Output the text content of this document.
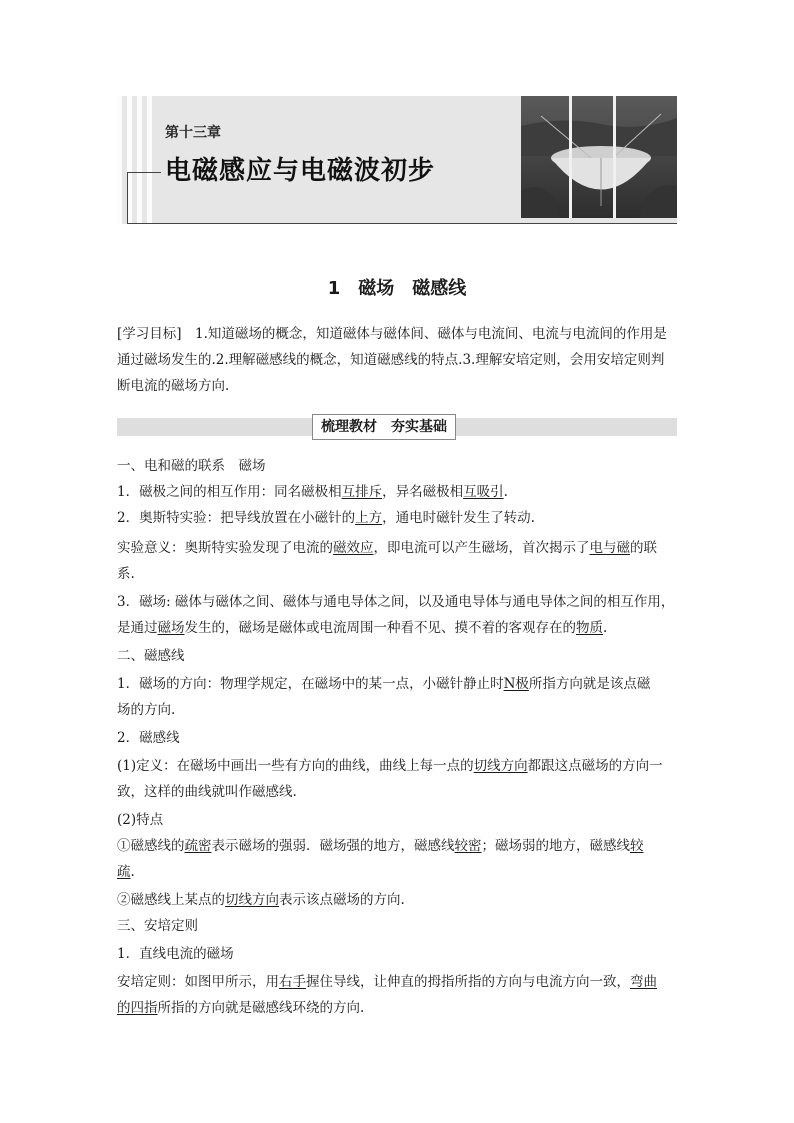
第十三章
电磁感应与电磁波初步
1　磁场　磁感线
[学习目标]　 1.知道磁场的概念，知道磁体与磁体间、磁体与电流间、电流与电流间的作用是
通过磁场发生的.2.理解磁感线的概念，知道磁感线的特点.3.理解安培定则，会用安培定则判
断电流的磁场方向.
梳理教材 夯实基础
一、电和磁的联系　磁场
1．磁极之间的相互作用：同名磁极相互排斥，异名磁极相互吸引.
2．奥斯特实验：把导线放置在小磁针的上方，通电时磁针发生了转动.
实验意义：奥斯特实验发现了电流的磁效应，即电流可以产生磁场，首次揭示了电与磁的联
系.
3．磁场: 磁体与磁体之间、磁体与通电导体之间，以及通电导体与通电导体之间的相互作用，
是通过磁场发生的，磁场是磁体或电流周围一种看不见、摸不着的客观存在的物质.
二、磁感线
1．磁场的方向：物理学规定，在磁场中的某一点，小磁针静止时N极所指方向就是该点磁
场的方向.
2．磁感线
(1)定义：在磁场中画出一些有方向的曲线，曲线上每一点的切线方向都跟这点磁场的方向一
致，这样的曲线就叫作磁感线.
(2)特点
①磁感线的疏密表示磁场的强弱．磁场强的地方，磁感线较密；磁场弱的地方，磁感线较
疏.
②磁感线上某点的切线方向表示该点磁场的方向.
三、安培定则
1．直线电流的磁场
安培定则：如图甲所示，用右手握住导线，让伸直的拇指所指的方向与电流方向一致，弯曲
的四指所指的方向就是磁感线环绕的方向.
